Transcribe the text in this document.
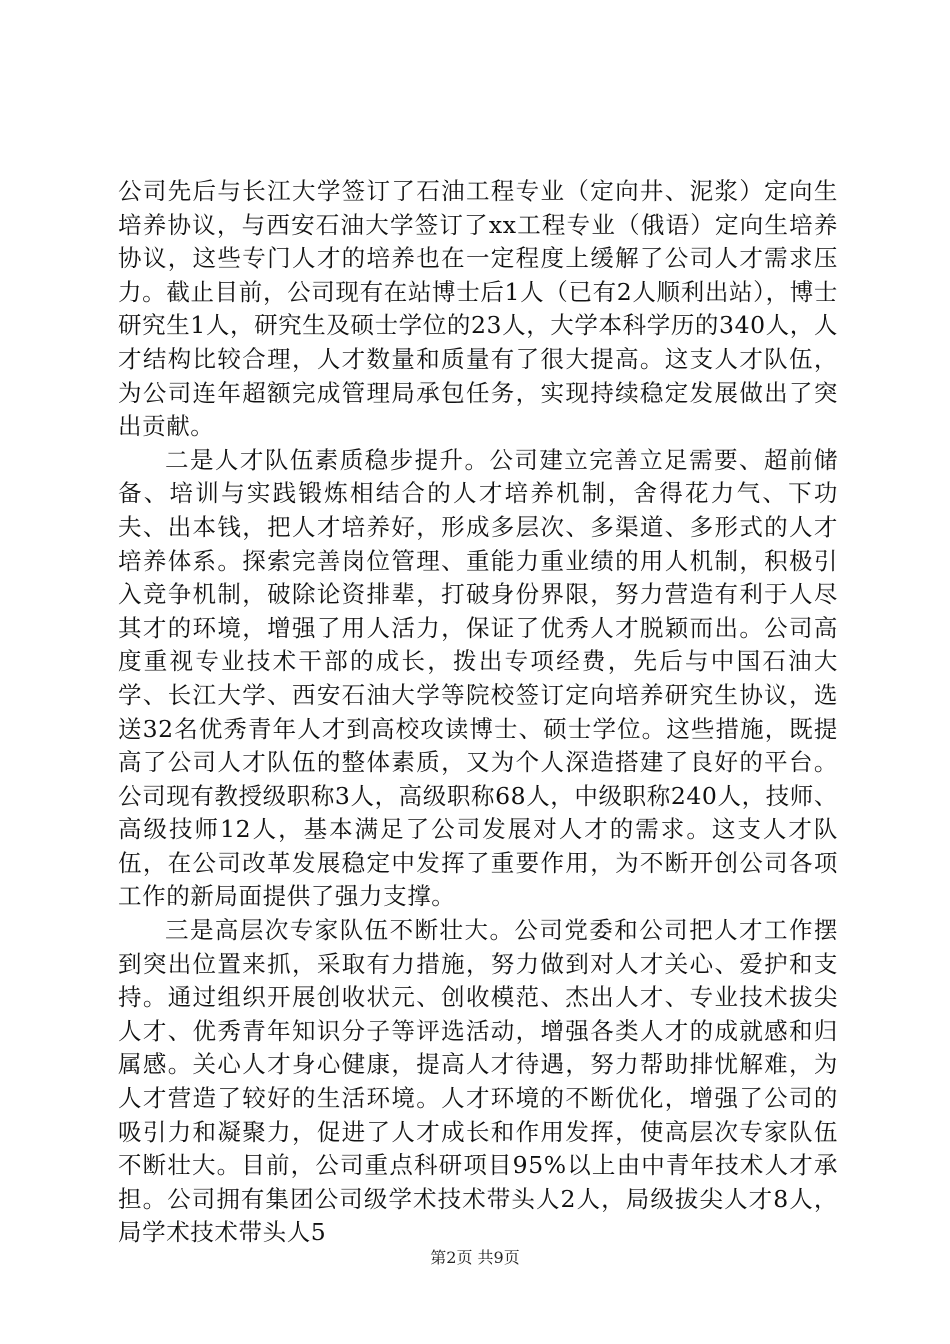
公司先后与长江大学签订了石油工程专业（定向井、泥浆）定向生培养协议，与西安石油大学签订了xx工程专业（俄语）定向生培养协议，这些专门人才的培养也在一定程度上缓解了公司人才需求压力。截止目前，公司现有在站博士后1人（已有2人顺利出站），博士研究生1人，研究生及硕士学位的23人，大学本科学历的340人，人才结构比较合理，人才数量和质量有了很大提高。这支人才队伍，为公司连年超额完成管理局承包任务，实现持续稳定发展做出了突出贡献。

二是人才队伍素质稳步提升。公司建立完善立足需要、超前储备、培训与实践锻炼相结合的人才培养机制，舍得花力气、下功夫、出本钱，把人才培养好，形成多层次、多渠道、多形式的人才培养体系。探索完善岗位管理、重能力重业绩的用人机制，积极引入竞争机制，破除论资排辈，打破身份界限，努力营造有利于人尽其才的环境，增强了用人活力，保证了优秀人才脱颖而出。公司高度重视专业技术干部的成长，拨出专项经费，先后与中国石油大学、长江大学、西安石油大学等院校签订定向培养研究生协议，选送32名优秀青年人才到高校攻读博士、硕士学位。这些措施，既提高了公司人才队伍的整体素质，又为个人深造搭建了良好的平台。公司现有教授级职称3人，高级职称68人，中级职称240人，技师、高级技师12人，基本满足了公司发展对人才的需求。这支人才队伍，在公司改革发展稳定中发挥了重要作用，为不断开创公司各项工作的新局面提供了强力支撑。

三是高层次专家队伍不断壮大。公司党委和公司把人才工作摆到突出位置来抓，采取有力措施，努力做到对人才关心、爱护和支持。通过组织开展创收状元、创收模范、杰出人才、专业技术拔尖人才、优秀青年知识分子等评选活动，增强各类人才的成就感和归属感。关心人才身心健康，提高人才待遇，努力帮助排忧解难，为人才营造了较好的生活环境。人才环境的不断优化，增强了公司的吸引力和凝聚力，促进了人才成长和作用发挥，使高层次专家队伍不断壮大。目前，公司重点科研项目95%以上由中青年技术人才承担。公司拥有集团公司级学术技术带头人2人，局级拔尖人才8人，局学术技术带头人5

第2页 共9页
